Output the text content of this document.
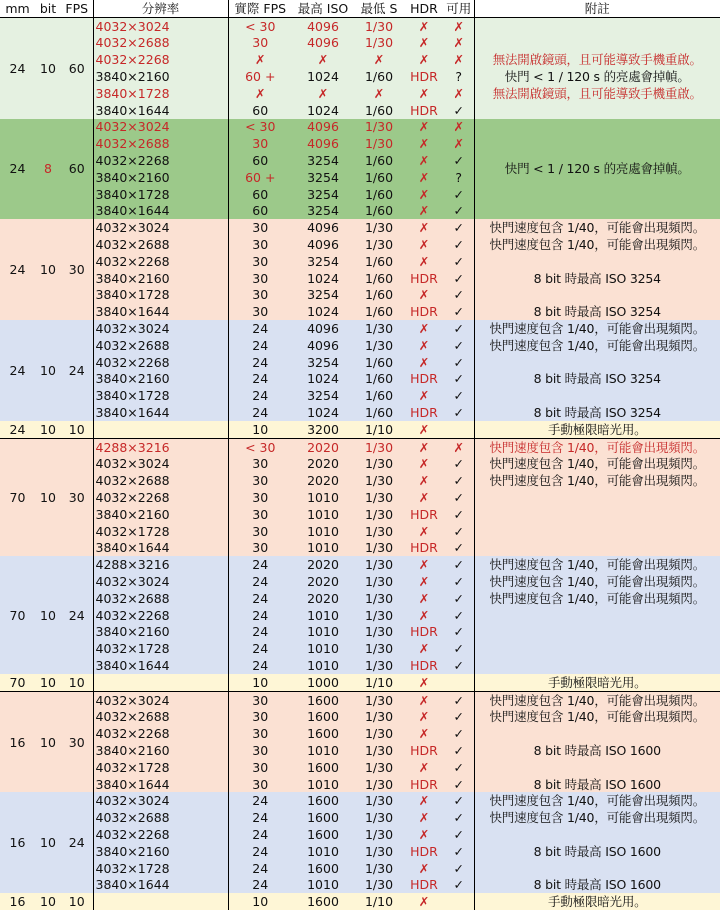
mm	bit	FPS	分辨率	實際 FPS	最高 ISO	最低 S	HDR	可用	附註
24	10	60	4032×3024	< 30	4096	1/30	✗	✗	
			4032×2688	30	4096	1/30	✗	✗	
			4032×2268	✗	✗	✗	✗	✗	無法開啟鏡頭，且可能導致手機重啟。
			3840×2160	60 +	1024	1/60	HDR	?	快門 < 1 / 120 s 的亮處會掉幀。
			3840×1728	✗	✗	✗	✗	✗	無法開啟鏡頭，且可能導致手機重啟。
			3840×1644	60	1024	1/60	HDR	✓	
24	8	60	4032×3024	< 30	4096	1/30	✗	✗	快門 < 1 / 120 s 的亮處會掉幀。
			4032×2688	30	4096	1/30	✗	✗	
			4032×2268	60	3254	1/60	✗	✓	
			3840×2160	60 +	3254	1/60	✗	?	
			3840×1728	60	3254	1/60	✗	✓	
			3840×1644	60	3254	1/60	✗	✓	
24	10	30	4032×3024	30	4096	1/30	✗	✓	快門速度包含 1/40，可能會出現頻閃。
			4032×2688	30	4096	1/30	✗	✓	快門速度包含 1/40，可能會出現頻閃。
			4032×2268	30	3254	1/60	✗	✓	8 bit 時最高 ISO 3254
			3840×2160	30	1024	1/60	HDR	✓	
			3840×1728	30	3254	1/60	✗	✓	
			3840×1644	30	1024	1/60	HDR	✓	8 bit 時最高 ISO 3254
24	10	24	4032×3024	24	4096	1/30	✗	✓	快門速度包含 1/40，可能會出現頻閃。
			4032×2688	24	4096	1/30	✗	✓	快門速度包含 1/40，可能會出現頻閃。
			4032×2268	24	3254	1/60	✗	✓	8 bit 時最高 ISO 3254
			3840×2160	24	1024	1/60	HDR	✓	
			3840×1728	24	3254	1/60	✗	✓	
			3840×1644	24	1024	1/60	HDR	✓	8 bit 時最高 ISO 3254
24	10	10		10	3200	1/10	✗		手動極限暗光用。
70	10	30	4288×3216	< 30	2020	1/30	✗	✗	快門速度包含 1/40，可能會出現頻閃。
			4032×3024	30	2020	1/30	✗	✓	快門速度包含 1/40，可能會出現頻閃。
			4032×2688	30	2020	1/30	✗	✓	快門速度包含 1/40，可能會出現頻閃。
			4032×2268	30	1010	1/30	✗	✓	
			3840×2160	30	1010	1/30	HDR	✓	
			4032×1728	30	1010	1/30	✗	✓	
			3840×1644	30	1010	1/30	HDR	✓	
70	10	24	4288×3216	24	2020	1/30	✗	✓	快門速度包含 1/40，可能會出現頻閃。
			4032×3024	24	2020	1/30	✗	✓	快門速度包含 1/40，可能會出現頻閃。
			4032×2688	24	2020	1/30	✗	✓	快門速度包含 1/40，可能會出現頻閃。
			4032×2268	24	1010	1/30	✗	✓	
			3840×2160	24	1010	1/30	HDR	✓	
			4032×1728	24	1010	1/30	✗	✓	
			3840×1644	24	1010	1/30	HDR	✓	
70	10	10		10	1000	1/10	✗		手動極限暗光用。
16	10	30	4032×3024	30	1600	1/30	✗	✓	快門速度包含 1/40，可能會出現頻閃。
			4032×2688	30	1600	1/30	✗	✓	快門速度包含 1/40，可能會出現頻閃。
			4032×2268	30	1600	1/30	✗	✓	8 bit 時最高 ISO 1600
			3840×2160	30	1010	1/30	HDR	✓	
			4032×1728	30	1600	1/30	✗	✓	
			3840×1644	30	1010	1/30	HDR	✓	8 bit 時最高 ISO 1600
16	10	24	4032×3024	24	1600	1/30	✗	✓	快門速度包含 1/40，可能會出現頻閃。
			4032×2688	24	1600	1/30	✗	✓	快門速度包含 1/40，可能會出現頻閃。
			4032×2268	24	1600	1/30	✗	✓	8 bit 時最高 ISO 1600
			3840×2160	24	1010	1/30	HDR	✓	
			4032×1728	24	1600	1/30	✗	✓	
			3840×1644	24	1010	1/30	HDR	✓	8 bit 時最高 ISO 1600
16	10	10		10	1600	1/10	✗		手動極限暗光用。
